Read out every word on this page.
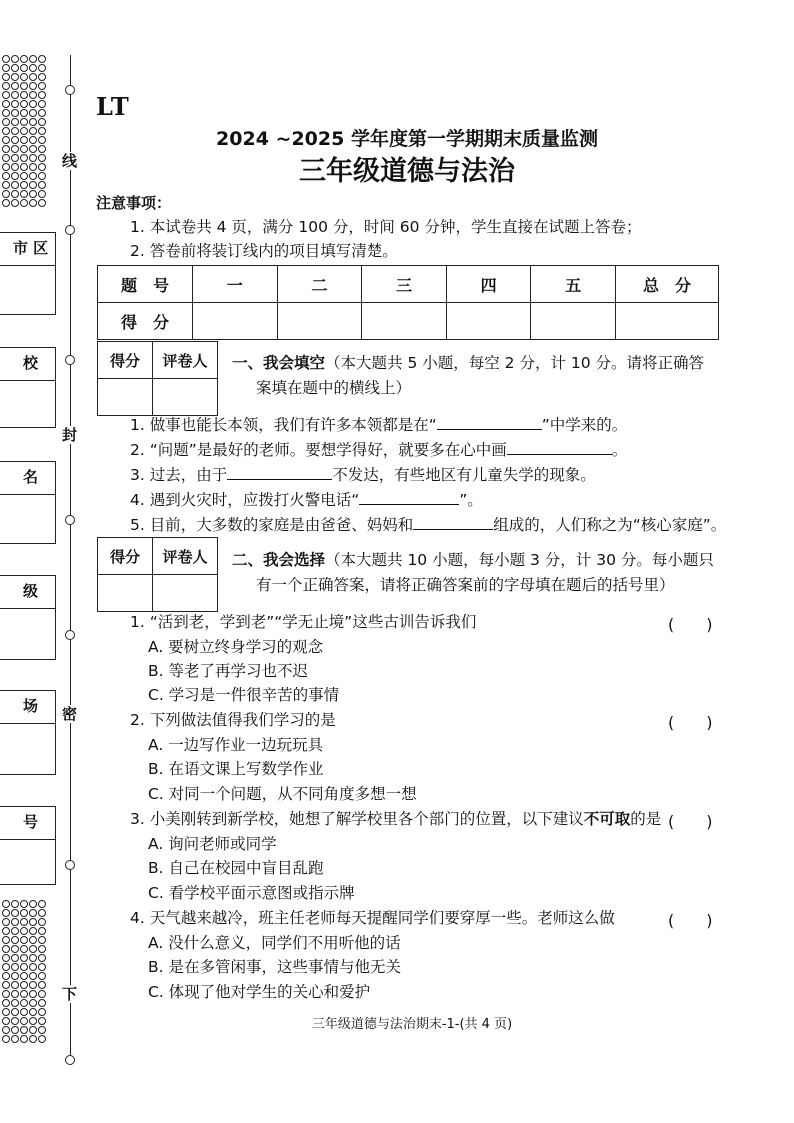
线
封
密
下
市 区
校
名
级
场
号
LT
2024 ~2025 学年度第一学期期末质量监测
三年级道德与法治
注意事项：
1. 本试卷共 4 页，满分 100 分，时间 60 分钟，学生直接在试题上答卷；
2. 答卷前将装订线内的项目填写清楚。
题　号	一	二	三	四	五	总　分
得　分						
得分	评卷人
	一、我会填空（本大题共 5 小题，每空 2 分，计 10 分。请将正确答
案填在题中的横线上）
1. 做事也能长本领，我们有许多本领都是在“	”中学来的。
2. “问题”是最好的老师。要想学得好，就要多在心中画	。
3. 过去，由于	不发达，有些地区有儿童失学的现象。
4. 遇到火灾时，应拨打火警电话“	”。
5. 目前，大多数的家庭是由爸爸、妈妈和	组成的，人们称之为“核心家庭”。
得分	评卷人
	二、我会选择（本大题共 10 小题，每小题 3 分，计 30 分。每小题只
有一个正确答案，请将正确答案前的字母填在题后的括号里）
1. “活到老，学到老”“学无止境”这些古训告诉我们	(　　)
A. 要树立终身学习的观念
B. 等老了再学习也不迟
C. 学习是一件很辛苦的事情
2. 下列做法值得我们学习的是	(　　)
A. 一边写作业一边玩玩具
B. 在语文课上写数学作业
C. 对同一个问题，从不同角度多想一想
3. 小美刚转到新学校，她想了解学校里各个部门的位置，以下建议不可取的是 (　　)
A. 询问老师或同学
B. 自己在校园中盲目乱跑
C. 看学校平面示意图或指示牌
4. 天气越来越冷，班主任老师每天提醒同学们要穿厚一些。老师这么做	(　　)
A. 没什么意义，同学们不用听他的话
B. 是在多管闲事，这些事情与他无关
C. 体现了他对学生的关心和爱护
三年级道德与法治期末-1-(共 4 页)
